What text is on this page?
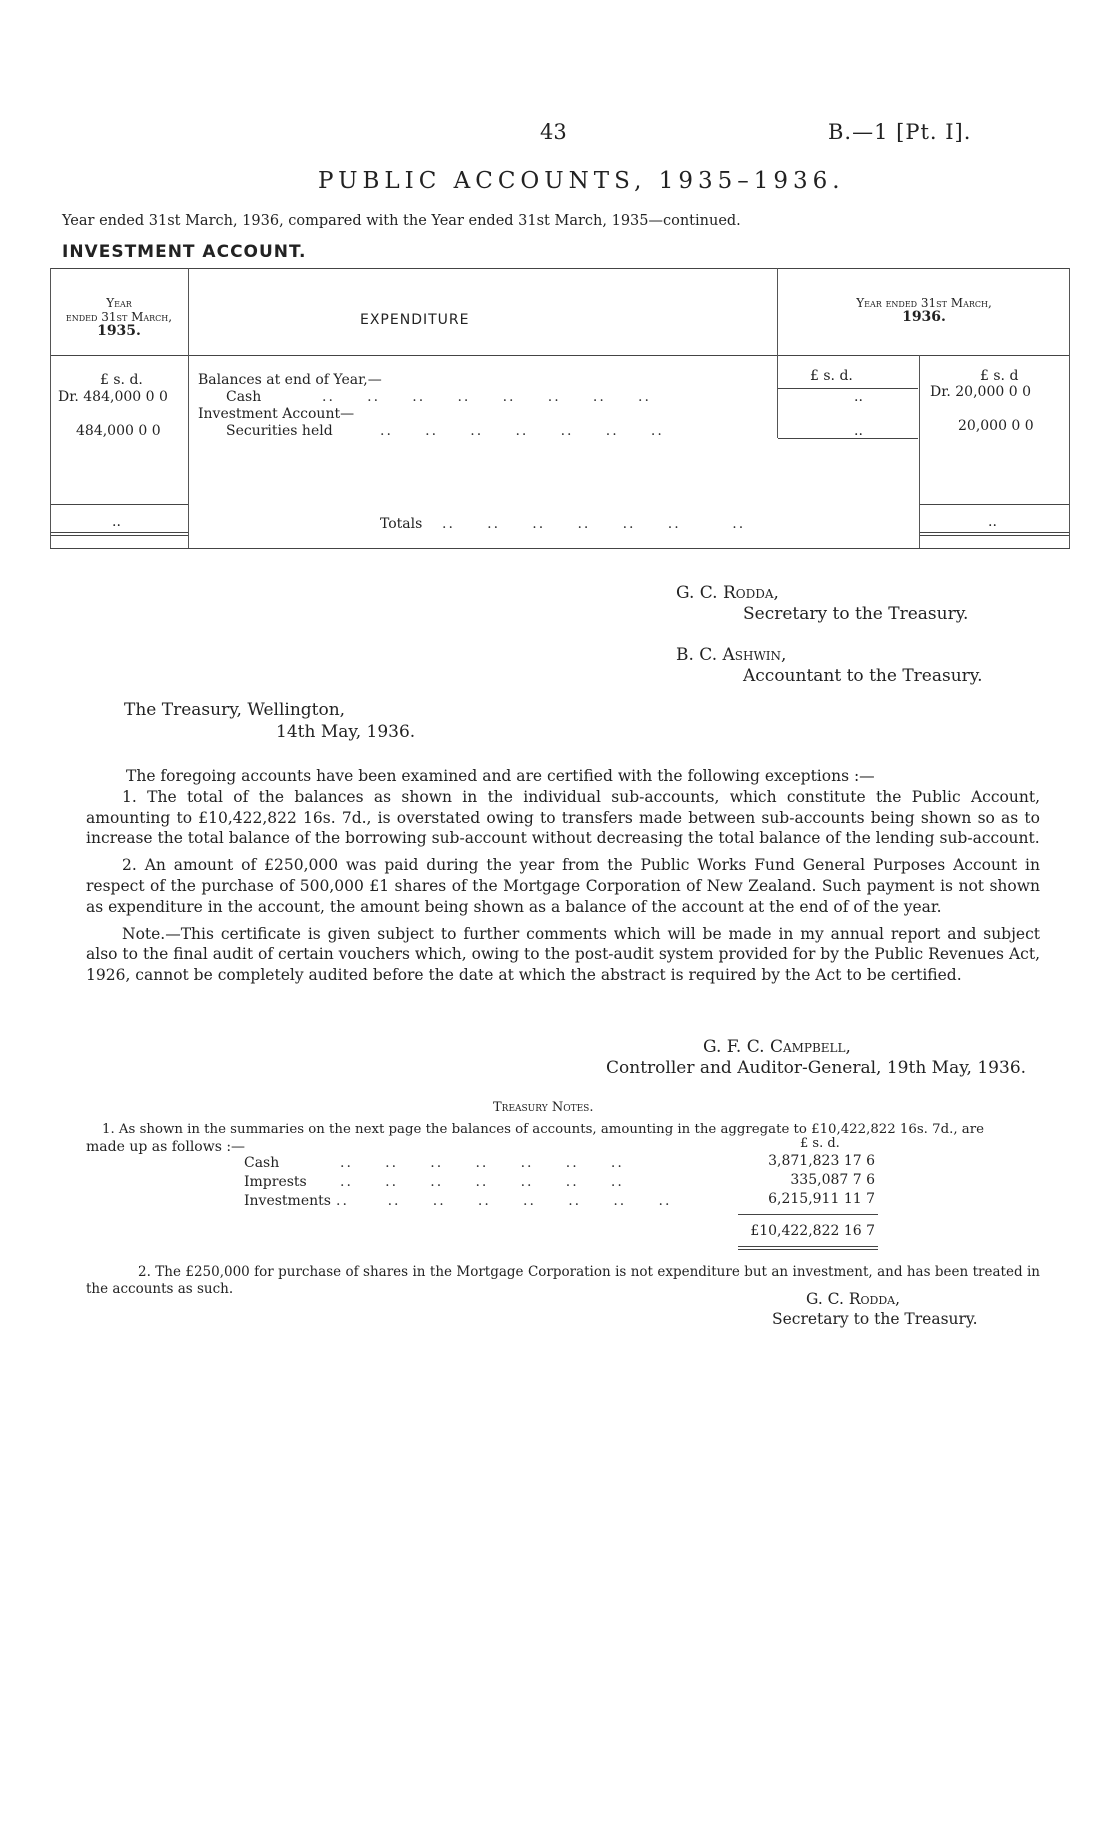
43	B.—1 [Pt. I].
PUBLIC ACCOUNTS, 1935–1936.
Year ended 31st March, 1936, compared with the Year ended 31st March, 1935—continued.
INVESTMENT ACCOUNT.
Year
ended 31st March,
1935.
EXPENDITURE
Year ended 31st March,
1936.
£ s. d.	£ s. d.	£ s. d
Balances at end of Year,—
Dr. 484,000 0 0	Cash	..     ..     ..     ..     ..     ..     ..     ..	..	Dr. 20,000 0 0
Investment Account—
484,000 0 0	Securities held	..     ..     ..     ..     ..     ..     ..	..	20,000 0 0
..	Totals ..     ..     ..     ..     ..     ..        ..	..
G. C. Rodda,
Secretary to the Treasury.
B. C. Ashwin,
Accountant to the Treasury.
The Treasury, Wellington,
14th May, 1936.

The foregoing accounts have been examined and are certified with the following exceptions :—

1. The total of the balances as shown in the individual sub-accounts, which constitute the Public Account, amounting to £10,422,822 16s. 7d., is overstated owing to transfers made between sub-accounts being shown so as to increase the total balance of the borrowing sub-account without decreasing the total balance of the lending sub-account.

2. An amount of £250,000 was paid during the year from the Public Works Fund General Purposes Account in respect of the purchase of 500,000 £1 shares of the Mortgage Corporation of New Zealand. Such payment is not shown as expenditure in the account, the amount being shown as a balance of the account at the end of of the year.

Note.—This certificate is given subject to further comments which will be made in my annual report and subject also to the final audit of certain vouchers which, owing to the post-audit system provided for by the Public Revenues Act, 1926, cannot be completely audited before the date at which the abstract is required by the Act to be certified.

G. F. C. Campbell,
Controller and Auditor-General, 19th May, 1936.
Treasury Notes.
1. As shown in the summaries on the next page the balances of accounts, amounting in the aggregate to £10,422,822 16s. 7d., are
made up as follows :—	£ s. d.
Cash	..     ..     ..     ..     ..     ..     ..	3,871,823 17 6
Imprests ..     ..     ..     ..     ..     ..     ..	335,087 7 6
Investments ..      ..     ..     ..     ..     ..     ..     ..	6,215,911 11 7
£10,422,822 16 7
2. The £250,000 for purchase of shares in the Mortgage Corporation is not expenditure but an investment, and has been treated in the accounts as such.
G. C. Rodda,
Secretary to the Treasury.
